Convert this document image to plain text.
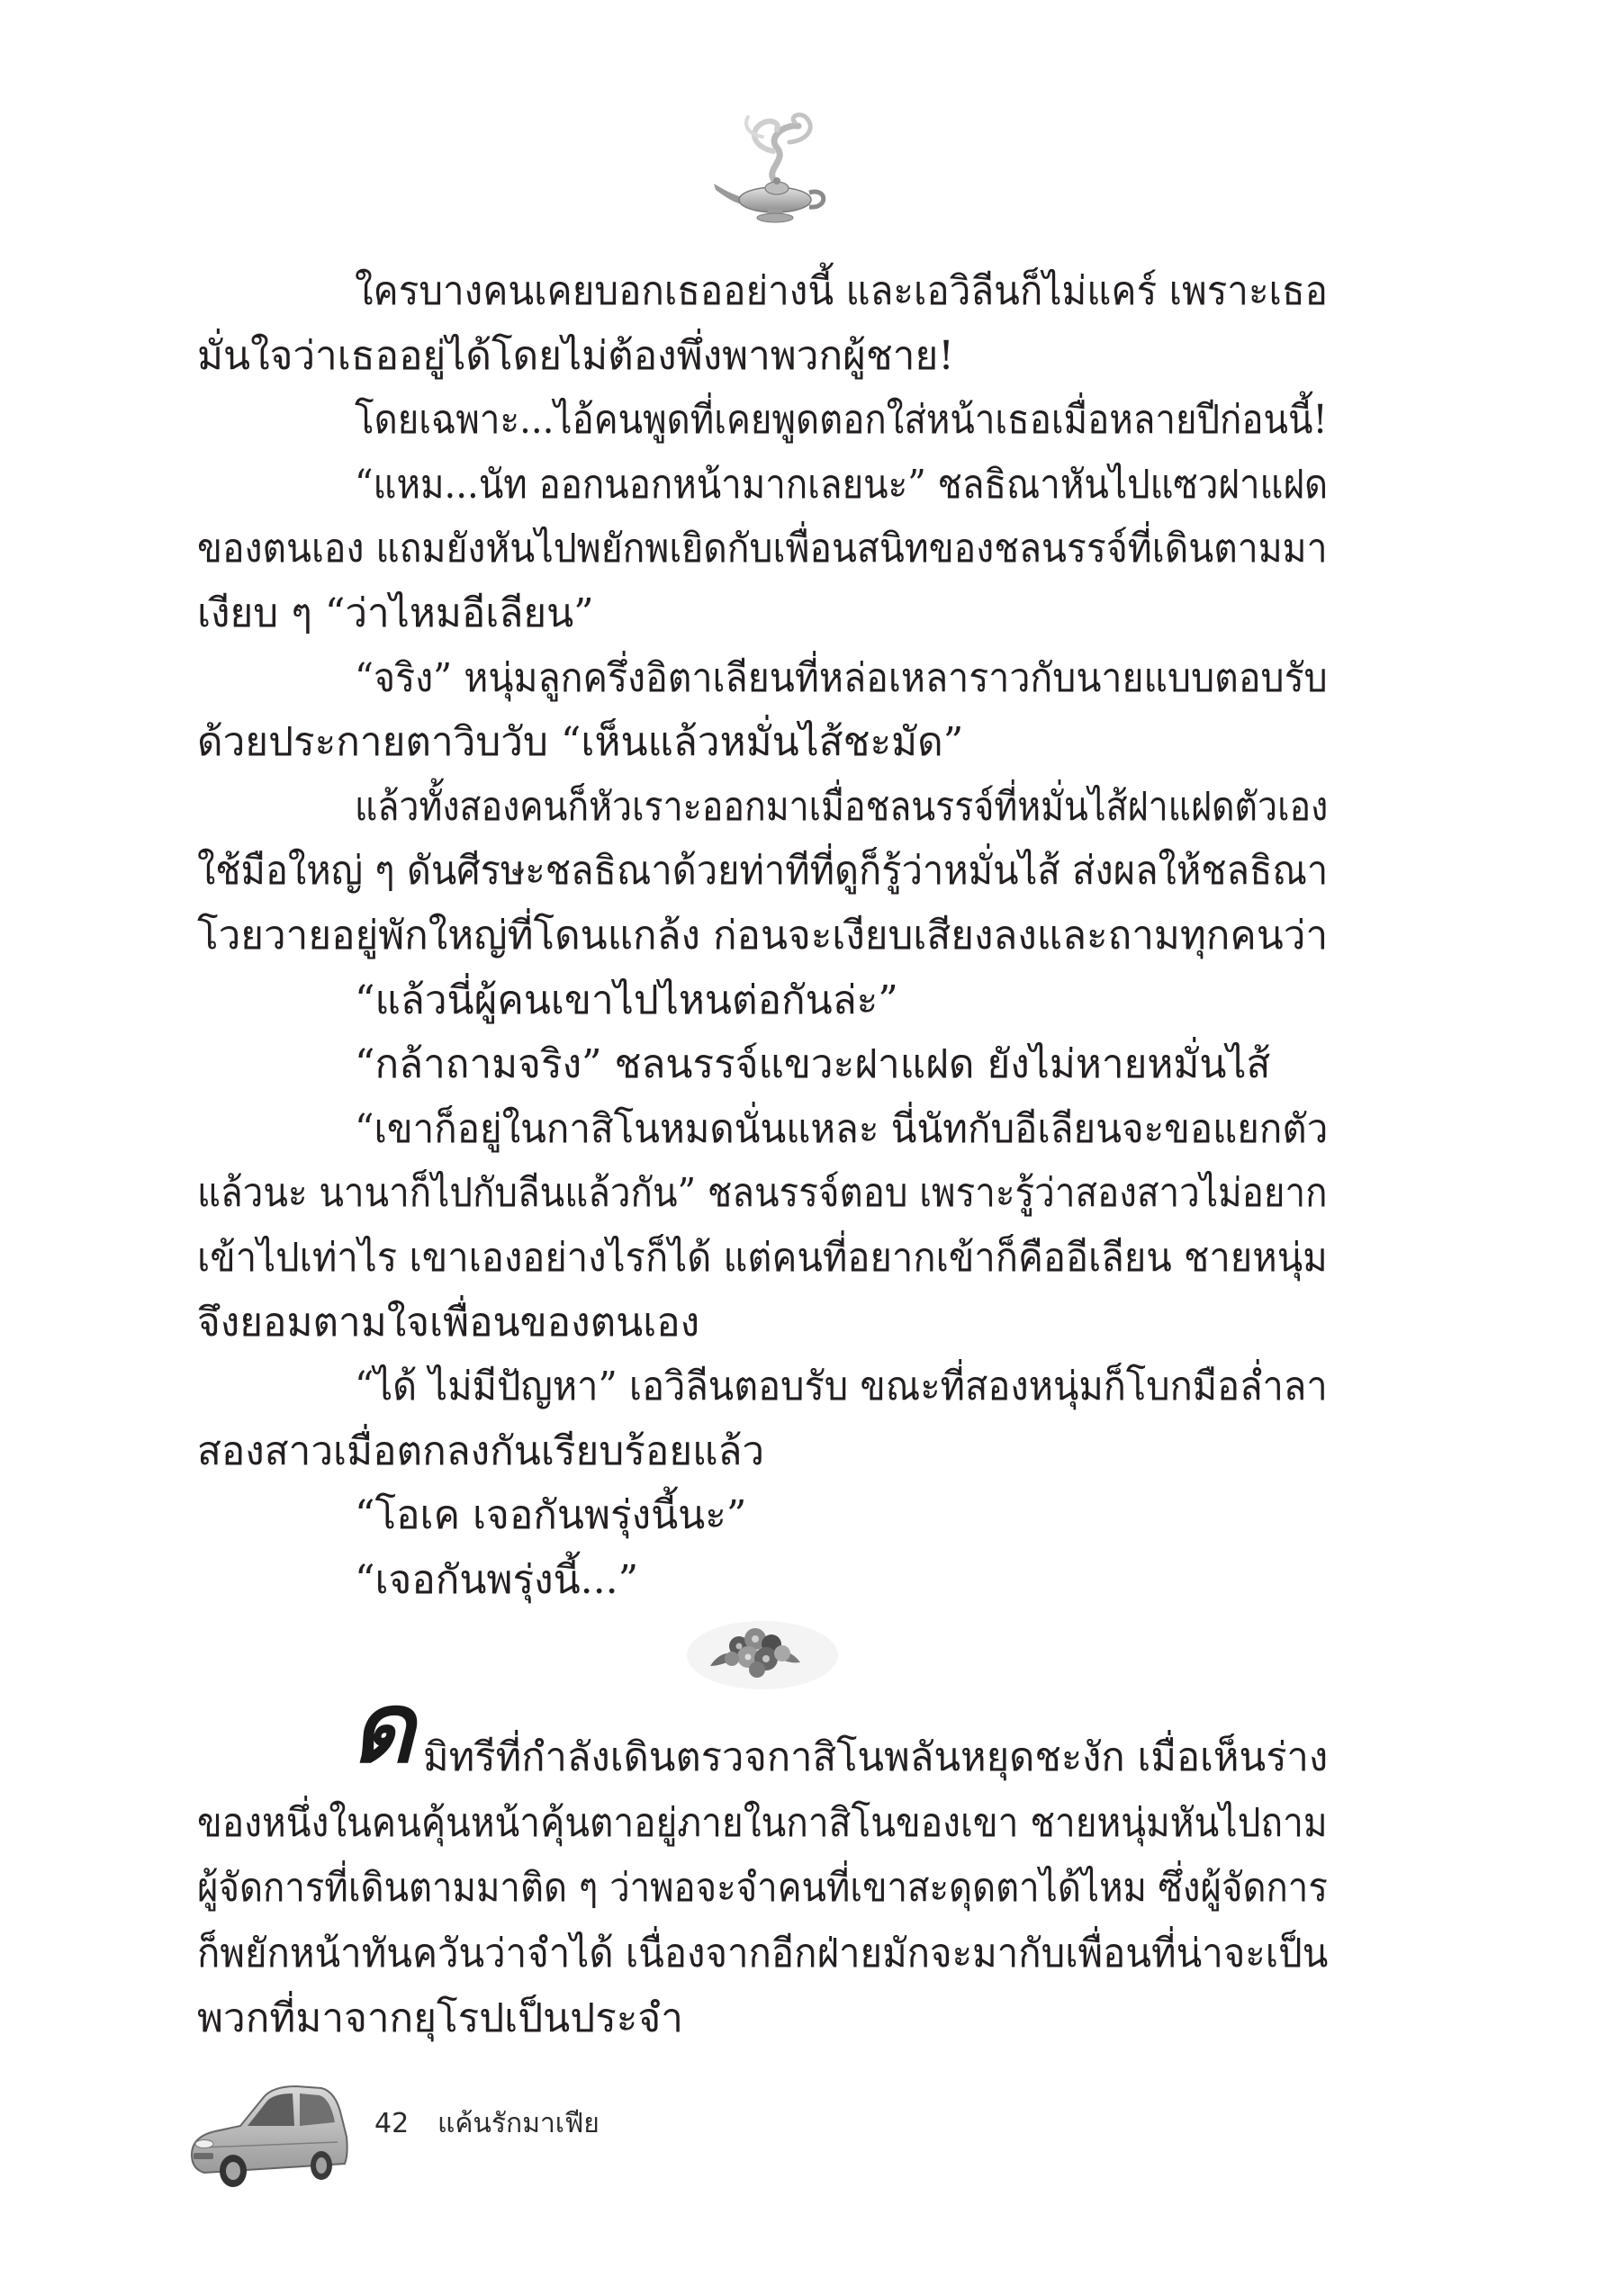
ใครบางคนเคยบอกเธออย่างนี้ และเอวิลีนก็ไม่แคร์ เพราะเธอ
มั่นใจว่าเธออยู่ได้โดยไม่ต้องพึ่งพาพวกผู้ชาย!
โดยเฉพาะ...ไอ้คนพูดที่เคยพูดตอกใส่หน้าเธอเมื่อหลายปีก่อนนี้!
“แหม...นัท ออกนอกหน้ามากเลยนะ” ชลธิณาหันไปแซวฝาแฝด
ของตนเอง แถมยังหันไปพยักพเยิดกับเพื่อนสนิทของชลนรรจ์ที่เดินตามมา
เงียบ ๆ “ว่าไหมอีเลียน”
“จริง” หนุ่มลูกครึ่งอิตาเลียนที่หล่อเหลาราวกับนายแบบตอบรับ
ด้วยประกายตาวิบวับ “เห็นแล้วหมั่นไส้ชะมัด”
แล้วทั้งสองคนก็หัวเราะออกมาเมื่อชลนรรจ์ที่หมั่นไส้ฝาแฝดตัวเอง
ใช้มือใหญ่ ๆ ดันศีรษะชลธิณาด้วยท่าทีที่ดูก็รู้ว่าหมั่นไส้ ส่งผลให้ชลธิณา
โวยวายอยู่พักใหญ่ที่โดนแกล้ง ก่อนจะเงียบเสียงลงและถามทุกคนว่า
“แล้วนี่ผู้คนเขาไปไหนต่อกันล่ะ”
“กล้าถามจริง” ชลนรรจ์แขวะฝาแฝด ยังไม่หายหมั่นไส้
“เขาก็อยู่ในกาสิโนหมดนั่นแหละ นี่นัทกับอีเลียนจะขอแยกตัว
แล้วนะ นานาก็ไปกับลีนแล้วกัน” ชลนรรจ์ตอบ เพราะรู้ว่าสองสาวไม่อยาก
เข้าไปเท่าไร เขาเองอย่างไรก็ได้ แต่คนที่อยากเข้าก็คืออีเลียน ชายหนุ่ม
จึงยอมตามใจเพื่อนของตนเอง
“ได้ ไม่มีปัญหา” เอวิลีนตอบรับ ขณะที่สองหนุ่มก็โบกมือล่ำลา
สองสาวเมื่อตกลงกันเรียบร้อยแล้ว
“โอเค เจอกันพรุ่งนี้นะ”
“เจอกันพรุ่งนี้...”
ด มิทรีที่กำลังเดินตรวจกาสิโนพลันหยุดชะงัก เมื่อเห็นร่าง
ของหนึ่งในคนคุ้นหน้าคุ้นตาอยู่ภายในกาสิโนของเขา ชายหนุ่มหันไปถาม
ผู้จัดการที่เดินตามมาติด ๆ ว่าพอจะจำคนที่เขาสะดุดตาได้ไหม ซึ่งผู้จัดการ
ก็พยักหน้าทันควันว่าจำได้ เนื่องจากอีกฝ่ายมักจะมากับเพื่อนที่น่าจะเป็น
พวกที่มาจากยุโรปเป็นประจำ
42 แค้นรักมาเฟีย
